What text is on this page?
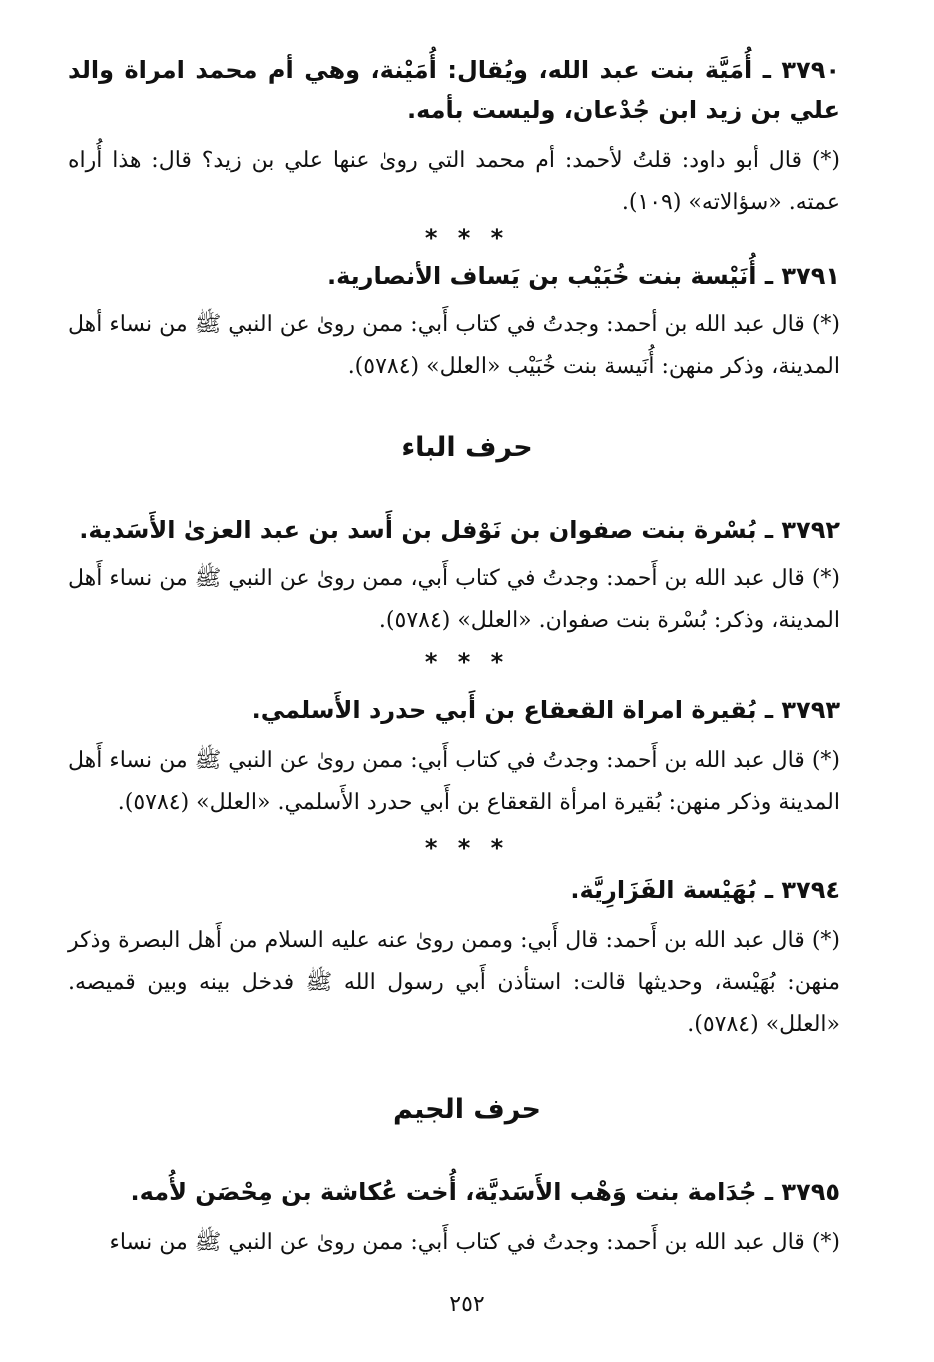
٣٧٩٠ ـ أُمَيَّة بنت عبد الله، ويُقال: أُمَيْنة، وهي أم محمد امراة والد علي بن زيد ابن جُدْعان، وليست بأمه.
(*) قال أبو داود: قلتُ لأحمد: أم محمد التي روىٰ عنها علي بن زيد؟ قال: هذا أُراه عمته. «سؤالاته» (١٠٩).
* * *
٣٧٩١ ـ أُنَيْسة بنت خُبَيْب بن يَساف الأنصارية.
(*) قال عبد الله بن أحمد: وجدتُ في كتاب أَبي: ممن روىٰ عن النبي ﷺ من نساء أهل المدينة، وذكر منهن: أُنَيسة بنت خُبَيْب «العلل» (٥٧٨٤).
حرف الباء
٣٧٩٢ ـ بُسْرة بنت صفوان بن نَوْفل بن أَسد بن عبد العزىٰ الأَسَدية.
(*) قال عبد الله بن أَحمد: وجدتُ في كتاب أَبي، ممن روىٰ عن النبي ﷺ من نساء أَهل المدينة، وذكر: بُسْرة بنت صفوان. «العلل» (٥٧٨٤).
* * *
٣٧٩٣ ـ بُقيرة امراة القعقاع بن أَبي حدرد الأَسلمي.
(*) قال عبد الله بن أَحمد: وجدتُ في كتاب أَبي: ممن روىٰ عن النبي ﷺ من نساء أَهل المدينة وذكر منهن: بُقيرة امرأة القعقاع بن أَبي حدرد الأَسلمي. «العلل» (٥٧٨٤).
* * *
٣٧٩٤ ـ بُهَيْسة الفَزَارِيَّة.
(*) قال عبد الله بن أَحمد: قال أَبي: وممن روىٰ عنه عليه السلام من أَهل البصرة وذكر منهن: بُهَيْسة، وحديثها قالت: استأذن أَبي رسول الله ﷺ فدخل بينه وبين قميصه. «العلل» (٥٧٨٤).
حرف الجيم
٣٧٩٥ ـ جُدَامة بنت وَهْب الأَسَديَّة، أُخت عُكاشة بن مِحْصَن لأُمه.
(*) قال عبد الله بن أَحمد: وجدتُ في كتاب أَبي: ممن روىٰ عن النبي ﷺ من نساء
٢٥٢
